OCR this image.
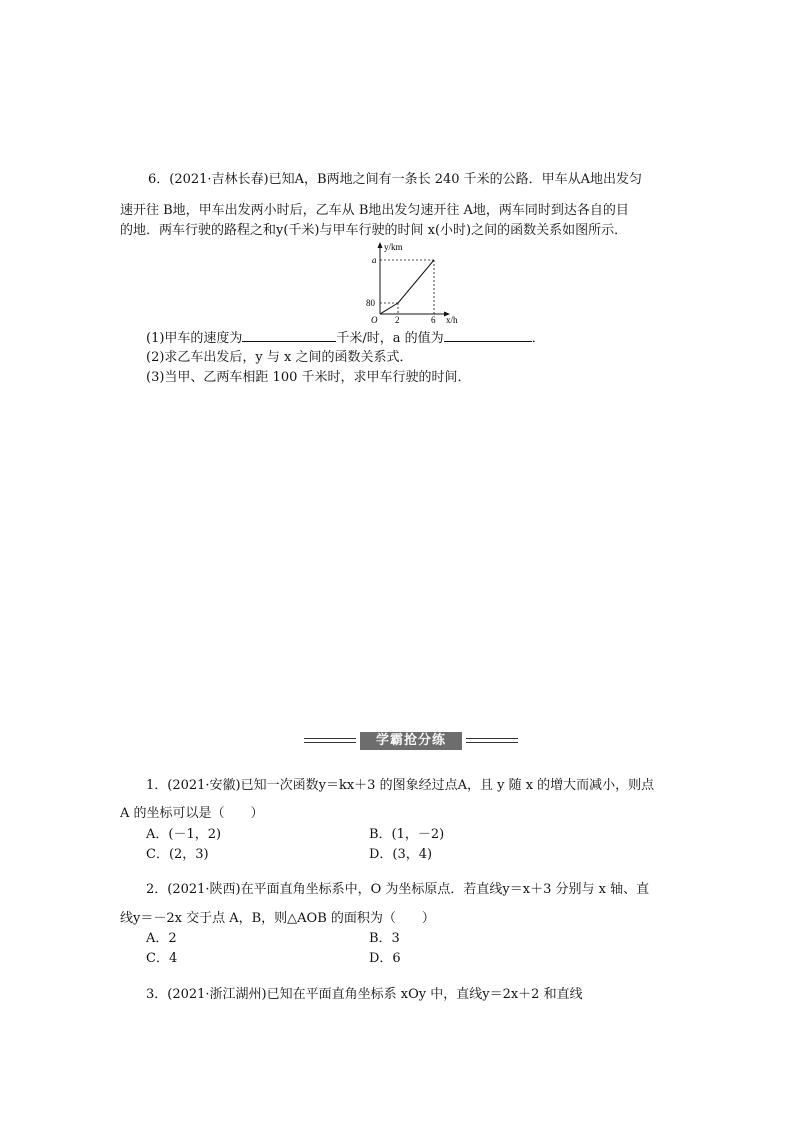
6．(2021·吉林长春)已知A，B两地之间有一条长 240 千米的公路．甲车从A地出发匀
速开往 B地，甲车出发两小时后，乙车从 B地出发匀速开往 A地，两车同时到达各自的目
的地．两车行驶的路程之和y(千米)与甲车行驶的时间 x(小时)之间的函数关系如图所示．
y/km
x/h
O
a
80
2	6
(1)甲车的速度为	千米/时，a 的值为	．
(2)求乙车出发后，y 与 x 之间的函数关系式．
(3)当甲、乙两车相距 100 千米时，求甲车行驶的时间．
学霸抢分练
1．(2021·安徽)已知一次函数y＝kx＋3 的图象经过点A，且 y 随 x 的增大而减小，则点
A 的坐标可以是（　　）
A．(－1，2)	B．(1，－2)
C．(2，3)	D．(3，4)
2．(2021·陕西)在平面直角坐标系中，O 为坐标原点．若直线y＝x＋3 分别与 x 轴、直
线y＝－2x 交于点 A，B，则△AOB 的面积为（　　）
A．2	B．3
C．4	D．6
3．(2021·浙江湖州)已知在平面直角坐标系 xOy 中，直线y＝2x＋2 和直线
